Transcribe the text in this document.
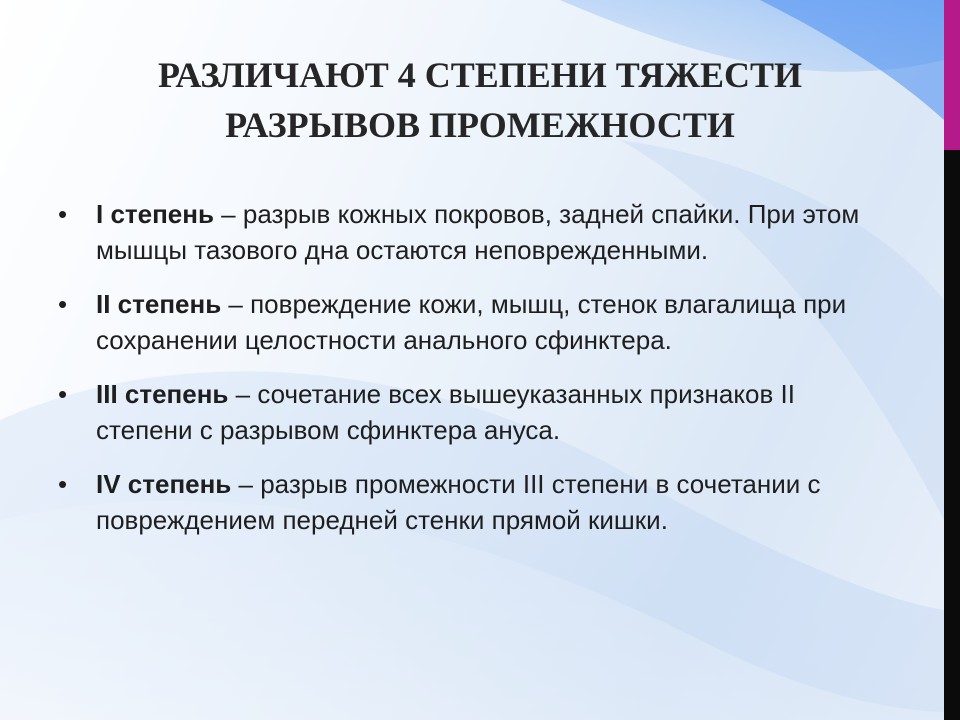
РАЗЛИЧАЮТ 4 СТЕПЕНИ ТЯЖЕСТИ
РАЗРЫВОВ ПРОМЕЖНОСТИ
• I степень – разрыв кожных покровов, задней спайки. При этом мышцы тазового дна остаются неповрежденными.
• II степень – повреждение кожи, мышц, стенок влагалища при сохранении целостности анального сфинктера.
• III степень – сочетание всех вышеуказанных признаков II степени с разрывом сфинктера ануса.
• IV степень – разрыв промежности III степени в сочетании с повреждением передней стенки прямой кишки.
